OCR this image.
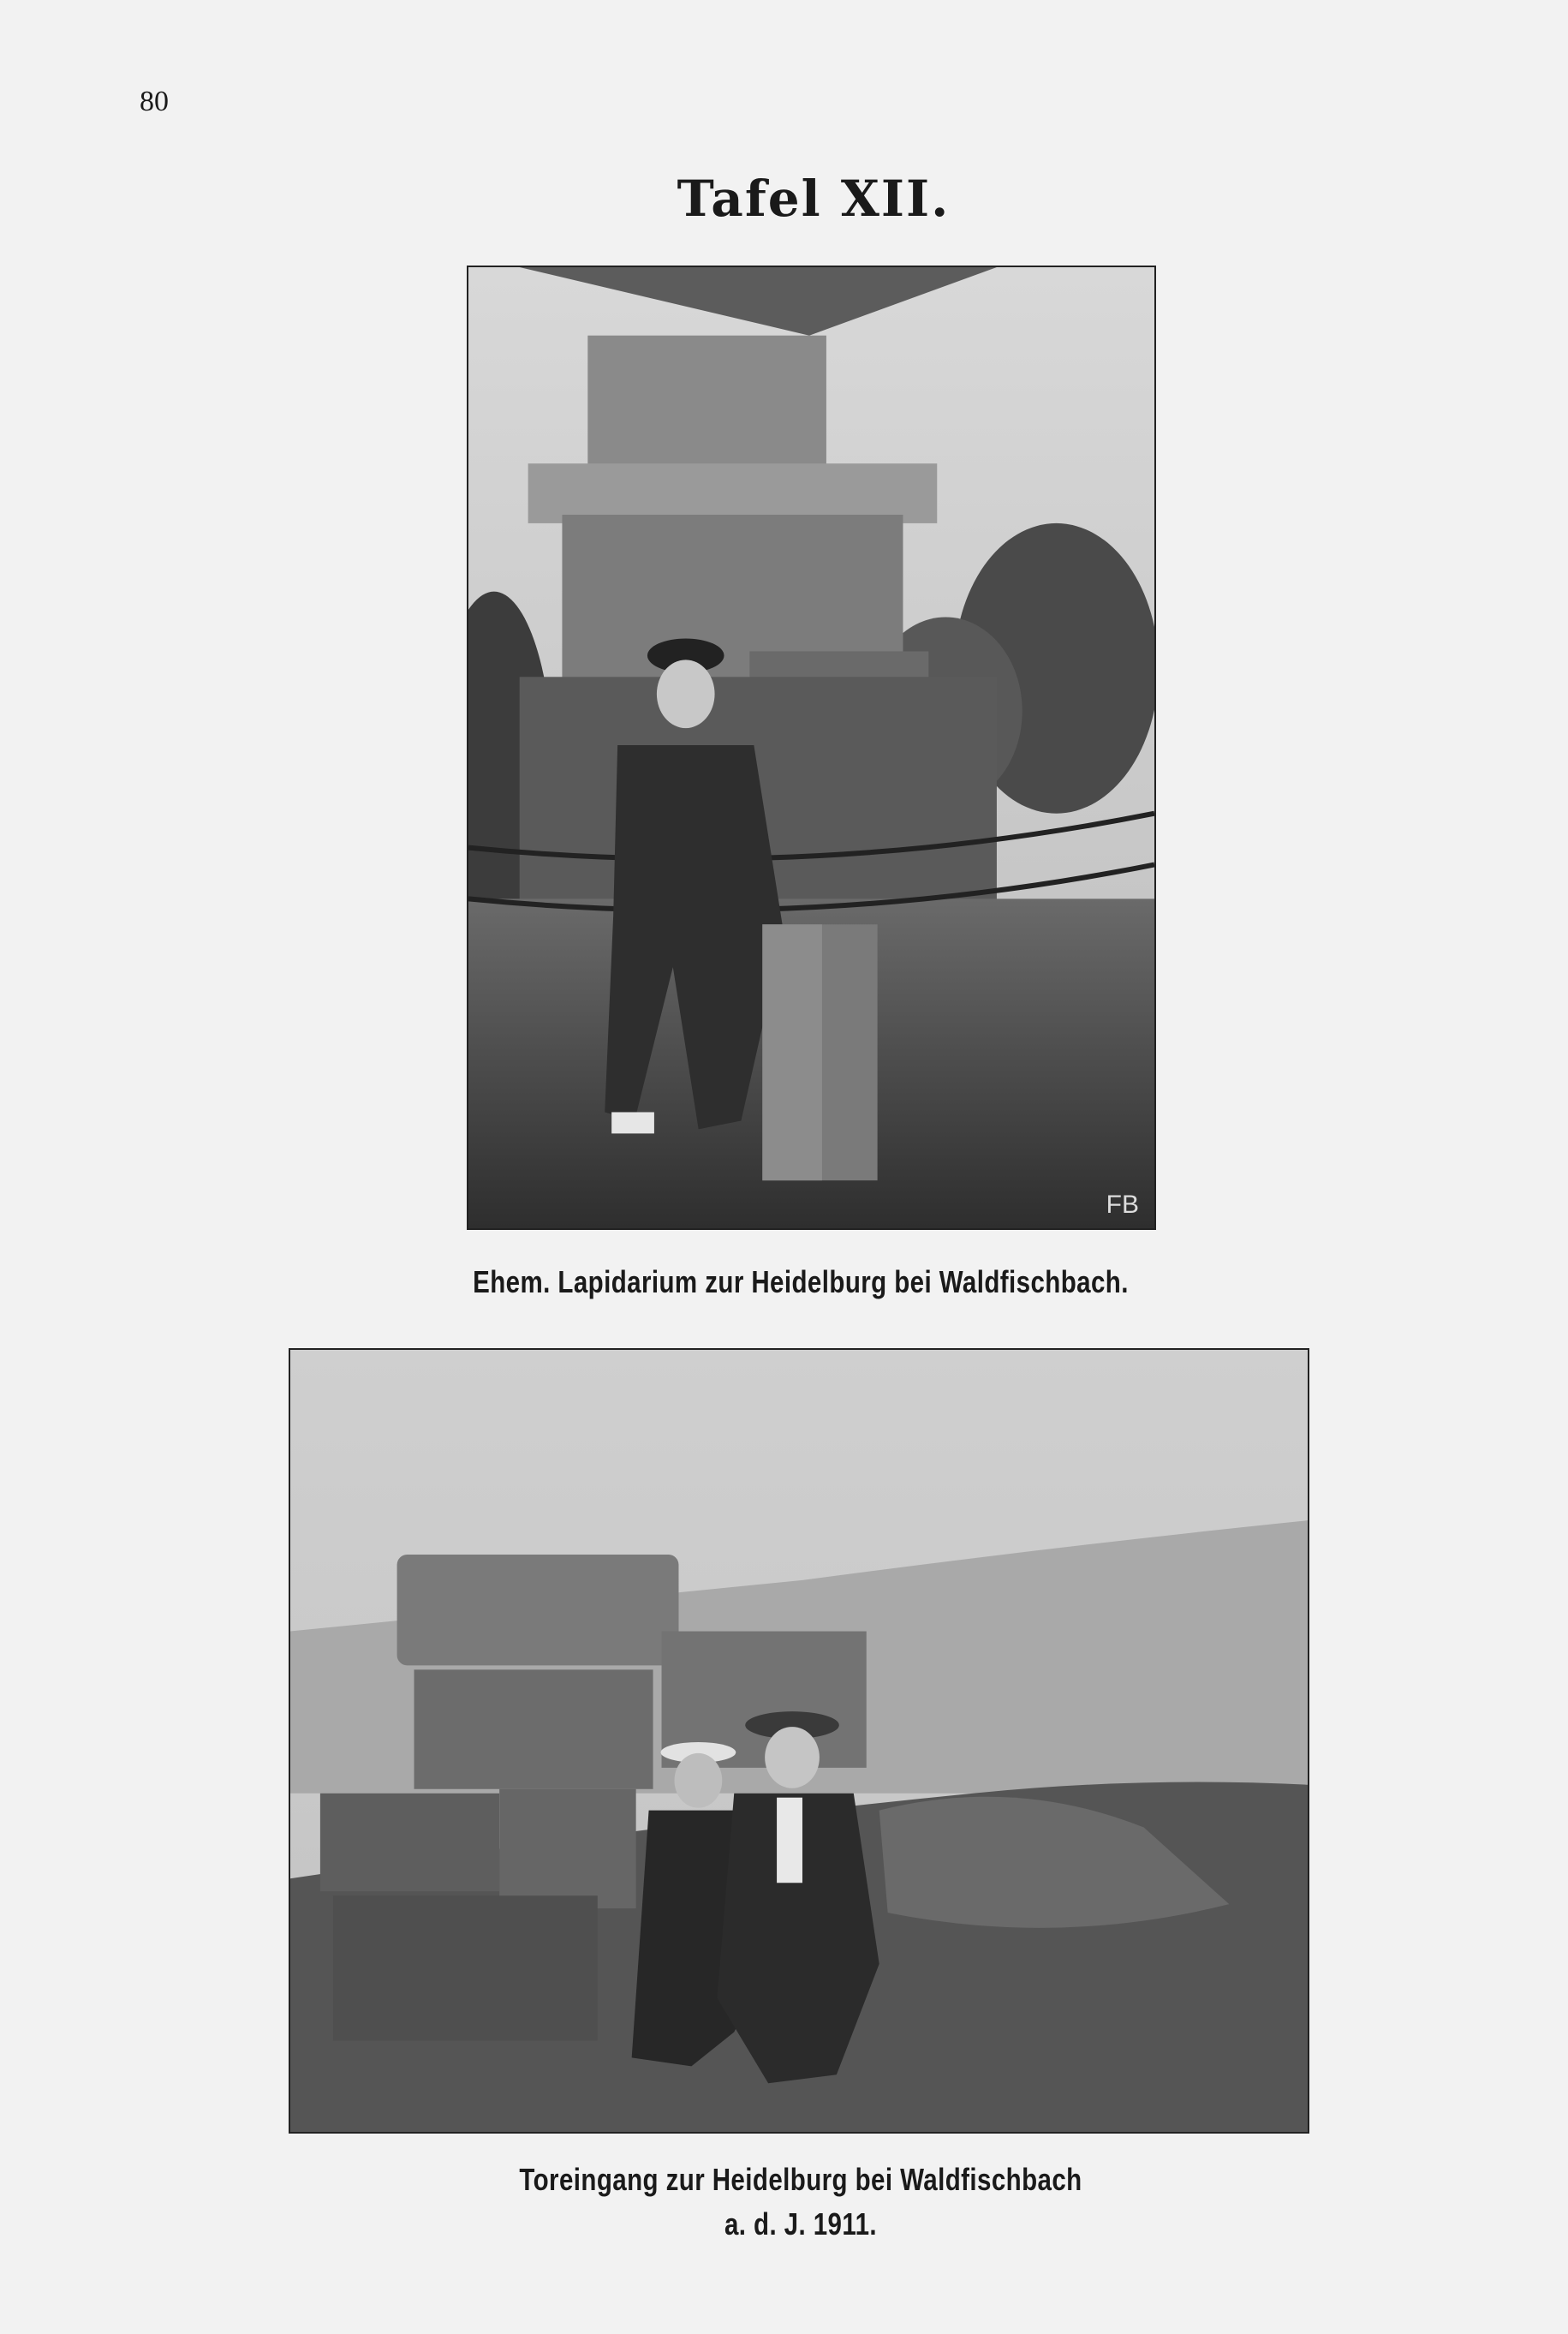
80
Tafel XII.
FB
Ehem. Lapidarium zur Heidelburg bei Waldfischbach.
Toreingang zur Heidelburg bei Waldfischbach
a. d. J. 1911.
